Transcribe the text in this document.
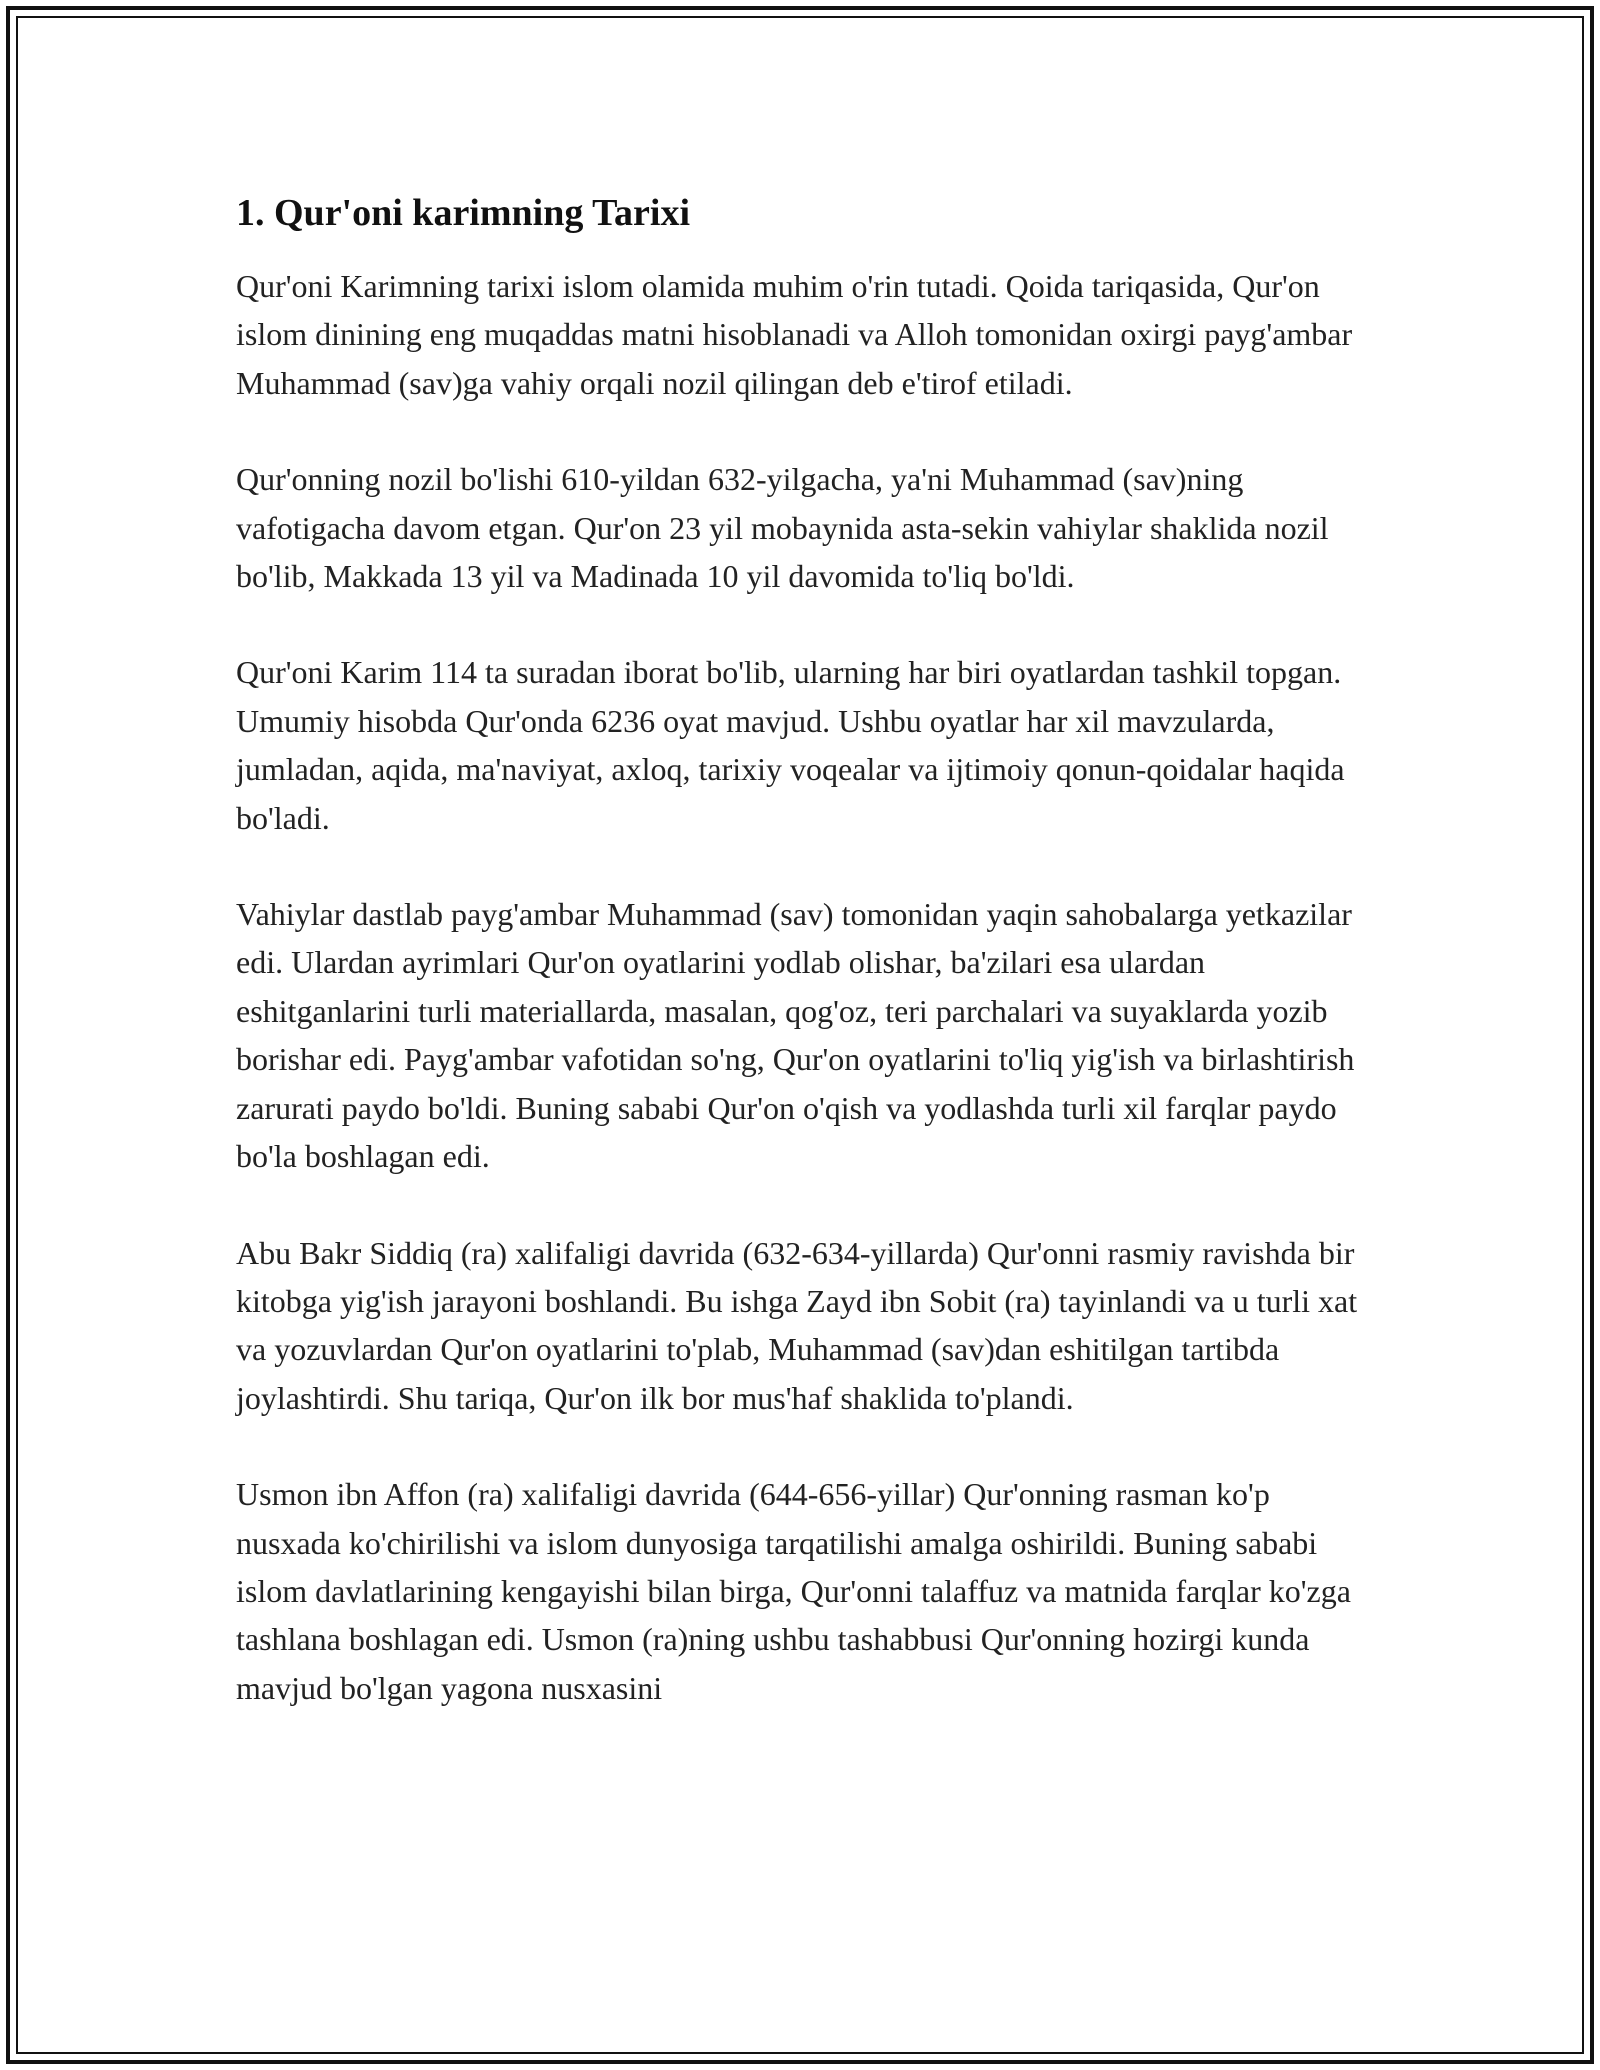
1. Qur'oni karimning Tarixi

Qur'oni Karimning tarixi islom olamida muhim o'rin tutadi. Qoida tariqasida, Qur'on islom dinining eng muqaddas matni hisoblanadi va Alloh tomonidan oxirgi payg'ambar Muhammad (sav)ga vahiy orqali nozil qilingan deb e'tirof etiladi.

Qur'onning nozil bo'lishi 610-yildan 632-yilgacha, ya'ni Muhammad (sav)ning vafotigacha davom etgan. Qur'on 23 yil mobaynida asta-sekin vahiylar shaklida nozil bo'lib, Makkada 13 yil va Madinada 10 yil davomida to'liq bo'ldi.

Qur'oni Karim 114 ta suradan iborat bo'lib, ularning har biri oyatlardan tashkil topgan. Umumiy hisobda Qur'onda 6236 oyat mavjud. Ushbu oyatlar har xil mavzularda, jumladan, aqida, ma'naviyat, axloq, tarixiy voqealar va ijtimoiy qonun-qoidalar haqida bo'ladi.

Vahiylar dastlab payg'ambar Muhammad (sav) tomonidan yaqin sahobalarga yetkazilar edi. Ulardan ayrimlari Qur'on oyatlarini yodlab olishar, ba'zilari esa ulardan eshitganlarini turli materiallarda, masalan, qog'oz, teri parchalari va suyaklarda yozib borishar edi. Payg'ambar vafotidan so'ng, Qur'on oyatlarini to'liq yig'ish va birlashtirish zarurati paydo bo'ldi. Buning sababi Qur'on o'qish va yodlashda turli xil farqlar paydo bo'la boshlagan edi.

Abu Bakr Siddiq (ra) xalifaligi davrida (632-634-yillarda) Qur'onni rasmiy ravishda bir kitobga yig'ish jarayoni boshlandi. Bu ishga Zayd ibn Sobit (ra) tayinlandi va u turli xat va yozuvlardan Qur'on oyatlarini to'plab, Muhammad (sav)dan eshitilgan tartibda joylashtirdi. Shu tariqa, Qur'on ilk bor mus'haf shaklida to'plandi.

Usmon ibn Affon (ra) xalifaligi davrida (644-656-yillar) Qur'onning rasman ko'p nusxada ko'chirilishi va islom dunyosiga tarqatilishi amalga oshirildi. Buning sababi islom davlatlarining kengayishi bilan birga, Qur'onni talaffuz va matnida farqlar ko'zga tashlana boshlagan edi. Usmon (ra)ning ushbu tashabbusi Qur'onning hozirgi kunda mavjud bo'lgan yagona nusxasini
